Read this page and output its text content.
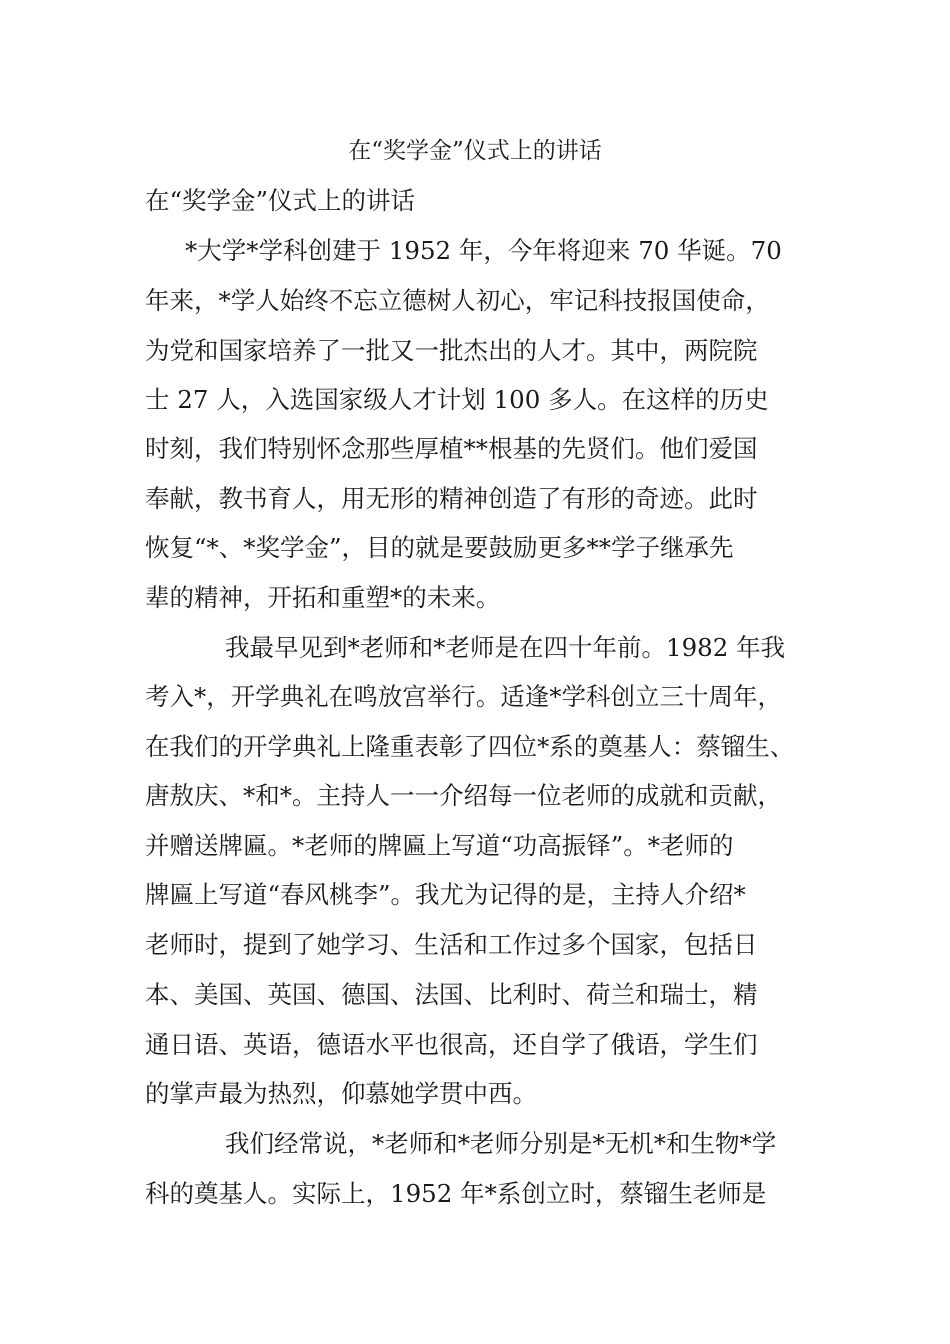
在“奖学金”仪式上的讲话

在“奖学金”仪式上的讲话

*大学*学科创建于 1952 年，今年将迎来 70 华诞。70

年来，*学人始终不忘立德树人初心，牢记科技报国使命，

为党和国家培养了一批又一批杰出的人才。其中，两院院

士 27 人，入选国家级人才计划 100 多人。在这样的历史

时刻，我们特别怀念那些厚植**根基的先贤们。他们爱国

奉献，教书育人，用无形的精神创造了有形的奇迹。此时

恢复“*、*奖学金”，目的就是要鼓励更多**学子继承先

辈的精神，开拓和重塑*的未来。

我最早见到*老师和*老师是在四十年前。1982 年我

考入*，开学典礼在鸣放宫举行。适逢*学科创立三十周年，

在我们的开学典礼上隆重表彰了四位*系的奠基人：蔡镏生、

唐敖庆、*和*。主持人一一介绍每一位老师的成就和贡献，

并赠送牌匾。*老师的牌匾上写道“功高振铎”。*老师的

牌匾上写道“春风桃李”。我尤为记得的是，主持人介绍*

老师时，提到了她学习、生活和工作过多个国家，包括日

本、美国、英国、德国、法国、比利时、荷兰和瑞士，精

通日语、英语，德语水平也很高，还自学了俄语，学生们

的掌声最为热烈，仰慕她学贯中西。

我们经常说，*老师和*老师分别是*无机*和生物*学

科的奠基人。实际上，1952 年*系创立时，蔡镏生老师是
